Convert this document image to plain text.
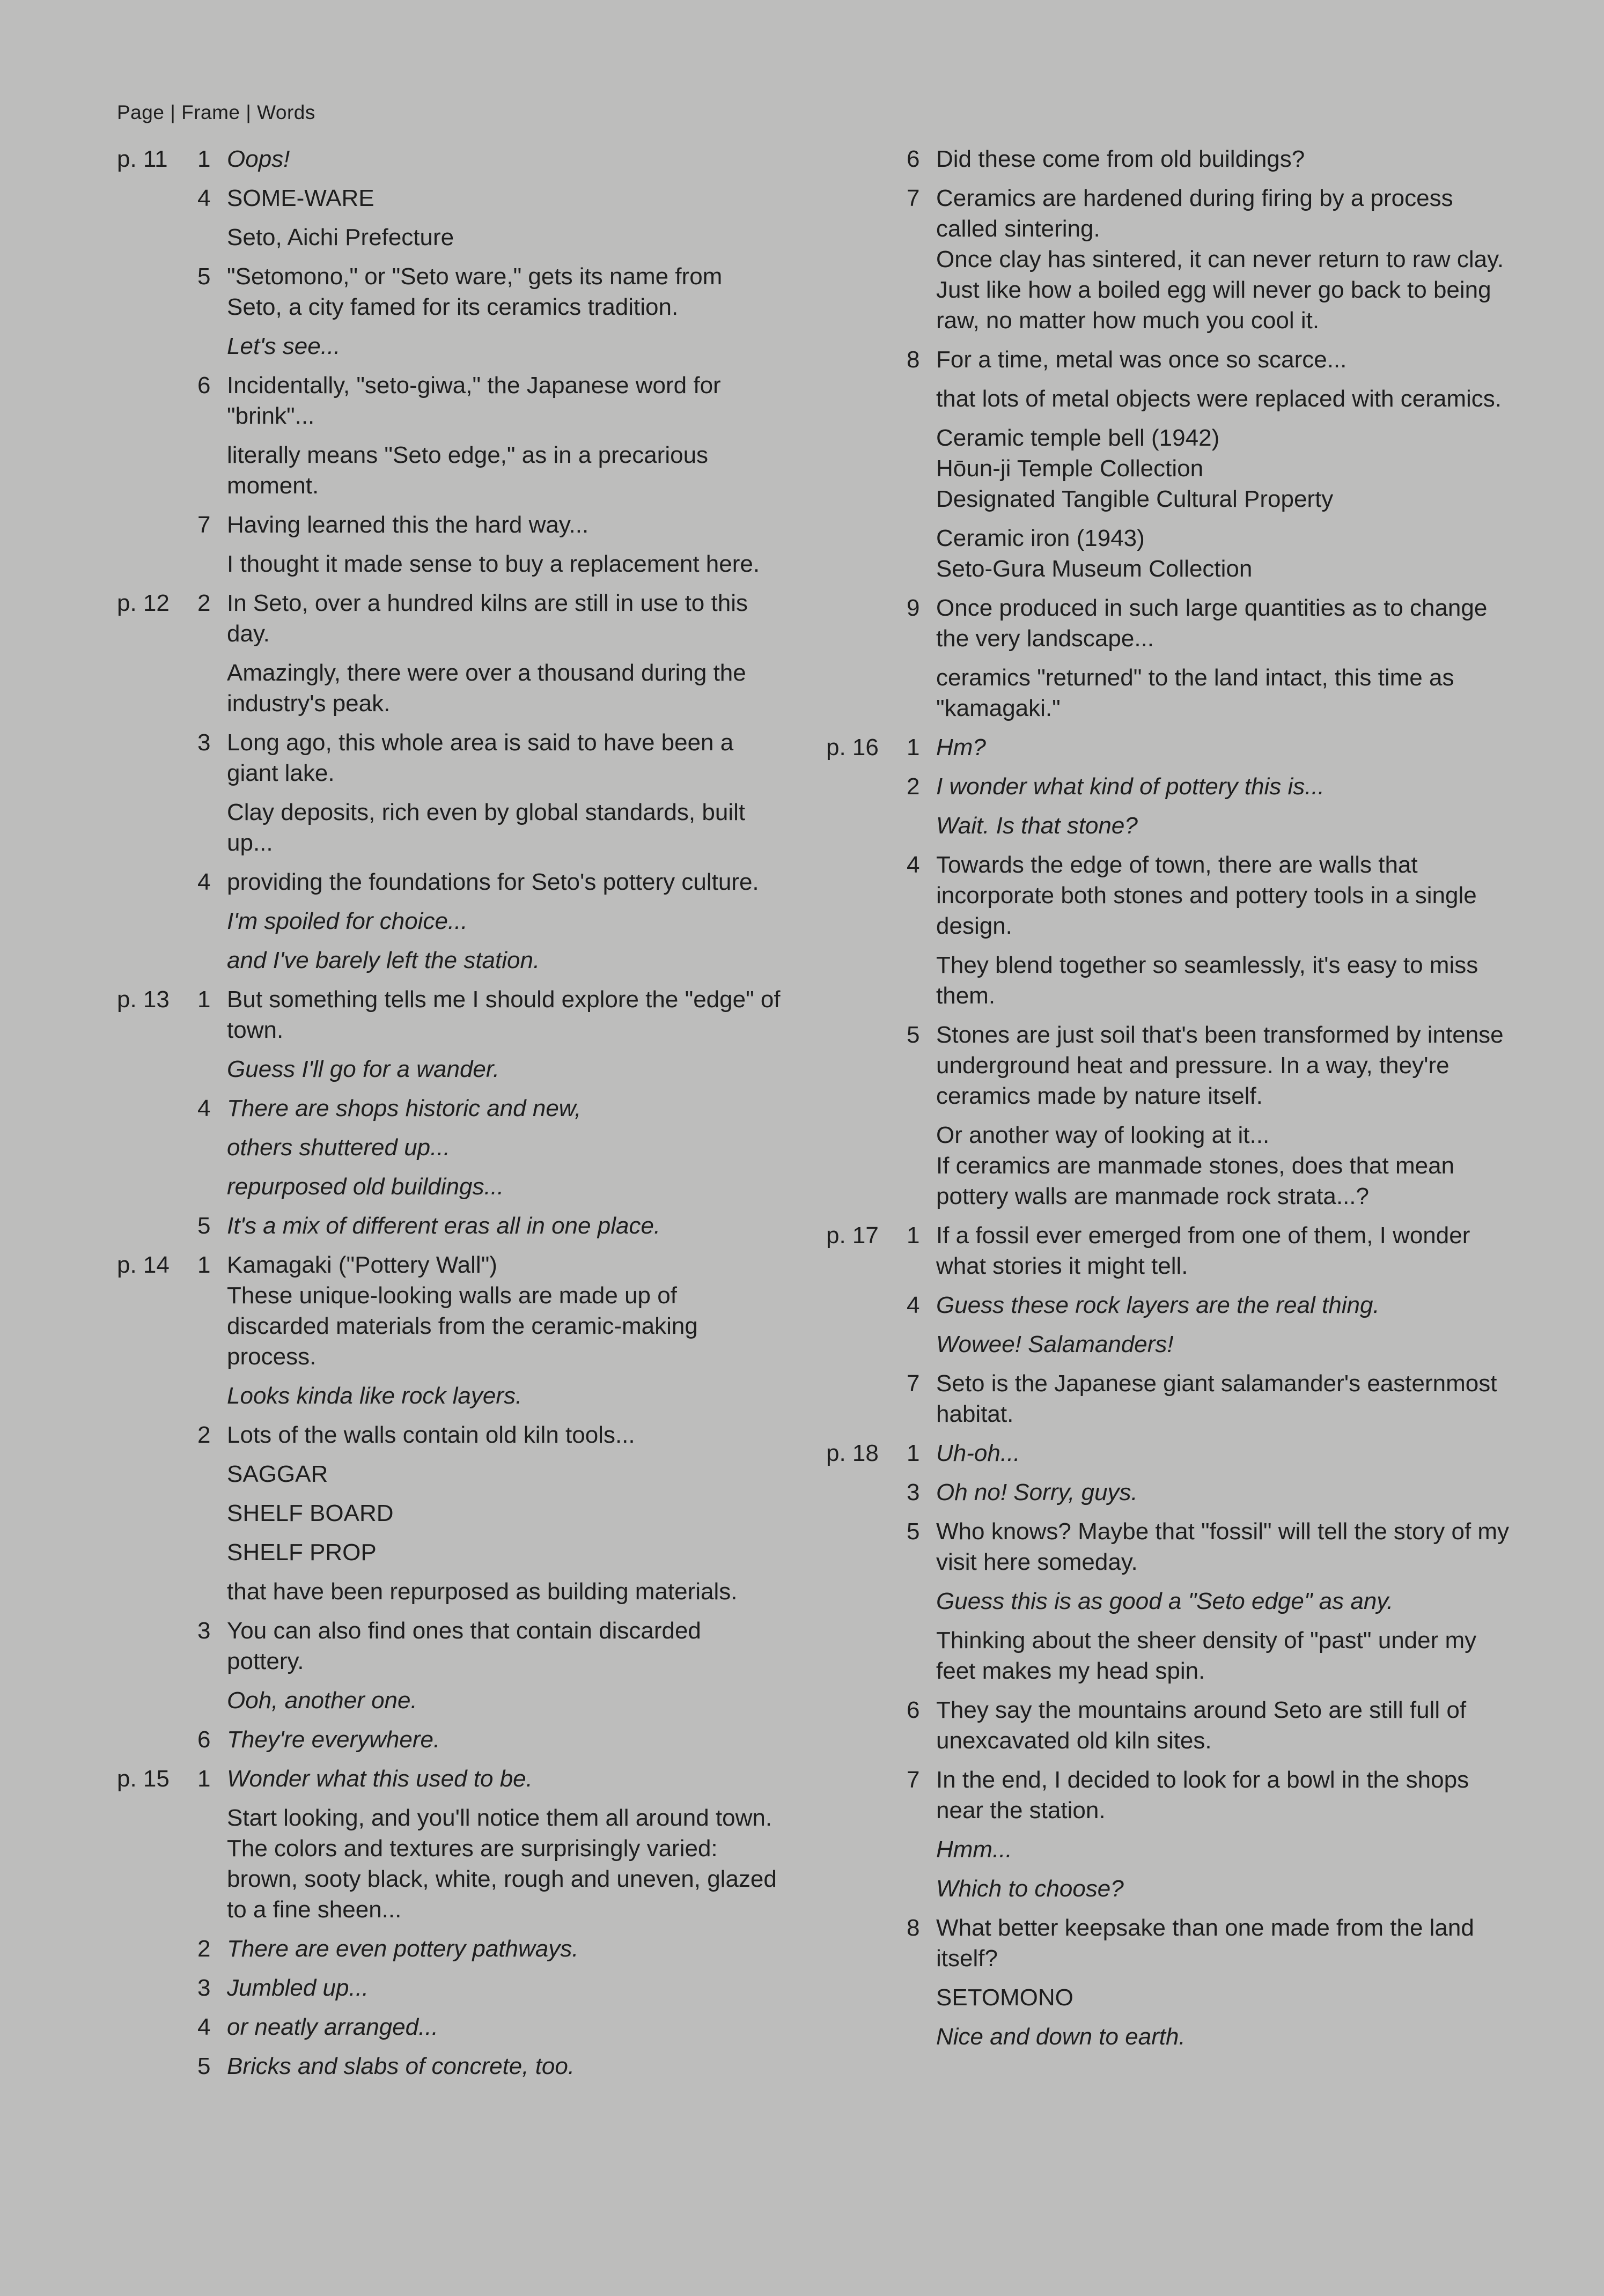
Page | Frame | Words
p. 11	1 Oops!
4 SOME-WARE
Seto, Aichi Prefecture
5 "Setomono," or "Seto ware," gets its name from Seto, a city famed for its ceramics tradition.
Let's see...
6 Incidentally, "seto-giwa," the Japanese word for "brink"...
literally means "Seto edge," as in a precarious moment.
7 Having learned this the hard way...
I thought it made sense to buy a replacement here.
p. 12	2 In Seto, over a hundred kilns are still in use to this day.
Amazingly, there were over a thousand during the industry's peak.
3 Long ago, this whole area is said to have been a giant lake.
Clay deposits, rich even by global standards, built up...
4 providing the foundations for Seto's pottery culture.
I'm spoiled for choice...
and I've barely left the station.
p. 13	1 But something tells me I should explore the "edge" of town.
Guess I'll go for a wander.
4 There are shops historic and new,
others shuttered up...
repurposed old buildings...
5 It's a mix of different eras all in one place.
p. 14	1 Kamagaki ("Pottery Wall")
These unique-looking walls are made up of discarded materials from the ceramic-making process.
Looks kinda like rock layers.
2 Lots of the walls contain old kiln tools...
SAGGAR
SHELF BOARD
SHELF PROP
that have been repurposed as building materials.
3 You can also find ones that contain discarded pottery.
Ooh, another one.
6 They're everywhere.
p. 15	1 Wonder what this used to be.
Start looking, and you'll notice them all around town.
The colors and textures are surprisingly varied: brown, sooty black, white, rough and uneven, glazed to a fine sheen...
2 There are even pottery pathways.
3 Jumbled up...
4 or neatly arranged...
5 Bricks and slabs of concrete, too.
6 Did these come from old buildings?
7 Ceramics are hardened during firing by a process called sintering.
Once clay has sintered, it can never return to raw clay.
Just like how a boiled egg will never go back to being raw, no matter how much you cool it.
8 For a time, metal was once so scarce...
that lots of metal objects were replaced with ceramics.
Ceramic temple bell (1942)
Hōun-ji Temple Collection
Designated Tangible Cultural Property
Ceramic iron (1943)
Seto-Gura Museum Collection
9 Once produced in such large quantities as to change the very landscape...
ceramics "returned" to the land intact, this time as "kamagaki."
p. 16	1 Hm?
2 I wonder what kind of pottery this is...
Wait. Is that stone?
4 Towards the edge of town, there are walls that incorporate both stones and pottery tools in a single design.
They blend together so seamlessly, it's easy to miss them.
5 Stones are just soil that's been transformed by intense underground heat and pressure. In a way, they're ceramics made by nature itself.
Or another way of looking at it...
If ceramics are manmade stones, does that mean pottery walls are manmade rock strata...?
p. 17	1 If a fossil ever emerged from one of them, I wonder what stories it might tell.
4 Guess these rock layers are the real thing.
Wowee! Salamanders!
7 Seto is the Japanese giant salamander's easternmost habitat.
p. 18	1 Uh-oh...
3 Oh no! Sorry, guys.
5 Who knows? Maybe that "fossil" will tell the story of my visit here someday.
Guess this is as good a "Seto edge" as any.
Thinking about the sheer density of "past" under my feet makes my head spin.
6 They say the mountains around Seto are still full of unexcavated old kiln sites.
7 In the end, I decided to look for a bowl in the shops near the station.
Hmm...
Which to choose?
8 What better keepsake than one made from the land itself?
SETOMONO
Nice and down to earth.
